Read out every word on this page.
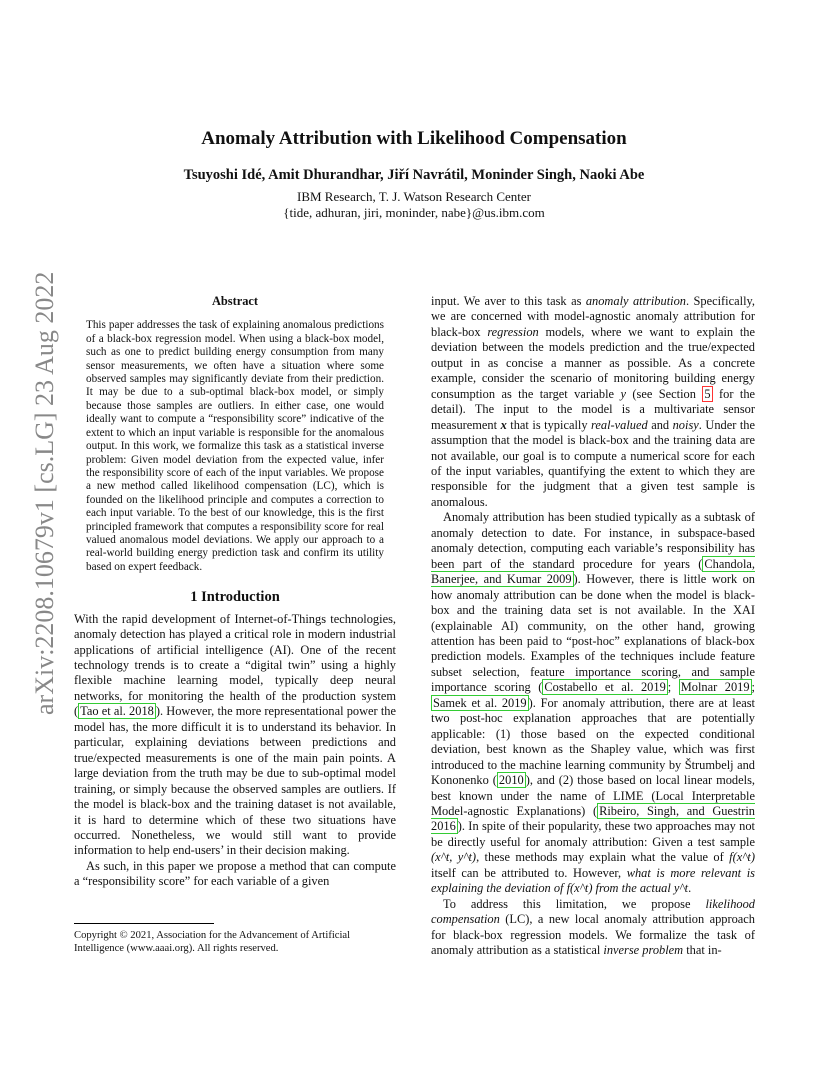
arXiv:2208.10679v1 [cs.LG] 23 Aug 2022
Anomaly Attribution with Likelihood Compensation
Tsuyoshi Idé, Amit Dhurandhar, Jiří Navrátil, Moninder Singh, Naoki Abe
IBM Research, T. J. Watson Research Center
{tide, adhuran, jiri, moninder, nabe}@us.ibm.com
Abstract

This paper addresses the task of explaining anomalous predictions of a black-box regression model. When using a black-box model, such as one to predict building energy consumption from many sensor measurements, we often have a situation where some observed samples may significantly deviate from their prediction. It may be due to a sub-optimal black-box model, or simply because those samples are outliers. In either case, one would ideally want to compute a “responsibility score” indicative of the extent to which an input variable is responsible for the anomalous output. In this work, we formalize this task as a statistical inverse problem: Given model deviation from the expected value, infer the responsibility score of each of the input variables. We propose a new method called likelihood compensation (LC), which is founded on the likelihood principle and computes a correction to each input variable. To the best of our knowledge, this is the first principled framework that computes a responsibility score for real valued anomalous model deviations. We apply our approach to a real-world building energy prediction task and confirm its utility based on expert feedback.

1 Introduction

With the rapid development of Internet-of-Things technologies, anomaly detection has played a critical role in modern industrial applications of artificial intelligence (AI). One of the recent technology trends is to create a “digital twin” using a highly flexible machine learning model, typically deep neural networks, for monitoring the health of the production system ( Tao et al. 2018 ). However, the more representational power the model has, the more difficult it is to understand its behavior. In particular, explaining deviations between predictions and true/expected measurements is one of the main pain points. A large deviation from the truth may be due to sub-optimal model training, or simply because the observed samples are outliers. If the model is black-box and the training dataset is not available, it is hard to determine which of these two situations have occurred. Nonetheless, we would still want to provide information to help end-users’ in their decision making.

As such, in this paper we propose a method that can compute a “responsibility score” for each variable of a given

input. We aver to this task as anomaly attribution. Specifically, we are concerned with model-agnostic anomaly attribution for black-box regression models, where we want to explain the deviation between the models prediction and the true/expected output in as concise a manner as possible. As a concrete example, consider the scenario of monitoring building energy consumption as the target variable y (see Section 5 for the detail). The input to the model is a multivariate sensor measurement x that is typically real-valued and noisy. Under the assumption that the model is black-box and the training data are not available, our goal is to compute a numerical score for each of the input variables, quantifying the extent to which they are responsible for the judgment that a given test sample is anomalous.

Anomaly attribution has been studied typically as a subtask of anomaly detection to date. For instance, in subspace-based anomaly detection, computing each variable’s responsibility has been part of the standard procedure for years ( Chandola, Banerjee, and Kumar 2009 ). However, there is little work on how anomaly attribution can be done when the model is black-box and the training data set is not available. In the XAI (explainable AI) community, on the other hand, growing attention has been paid to “post-hoc” explanations of black-box prediction models. Examples of the techniques include feature subset selection, feature importance scoring, and sample importance scoring ( Costabello et al. 2019 ; Molnar 2019 ; Samek et al. 2019 ). For anomaly attribution, there are at least two post-hoc explanation approaches that are potentially applicable: (1) those based on the expected conditional deviation, best known as the Shapley value, which was first introduced to the machine learning community by Štrumbelj and Kononenko ( 2010 ), and (2) those based on local linear models, best known under the name of LIME (Local Interpretable Model-agnostic Explanations) ( Ribeiro, Singh, and Guestrin 2016 ). In spite of their popularity, these two approaches may not be directly useful for anomaly attribution: Given a test sample (x^t, y^t), these methods may explain what the value of f(x^t) itself can be attributed to. However, what is more relevant is explaining the deviation of f(x^t) from the actual y^t.

To address this limitation, we propose likelihood compensation (LC), a new local anomaly attribution approach for black-box regression models. We formalize the task of anomaly attribution as a statistical inverse problem that in-

Copyright © 2021, Association for the Advancement of Artificial Intelligence (www.aaai.org). All rights reserved.
